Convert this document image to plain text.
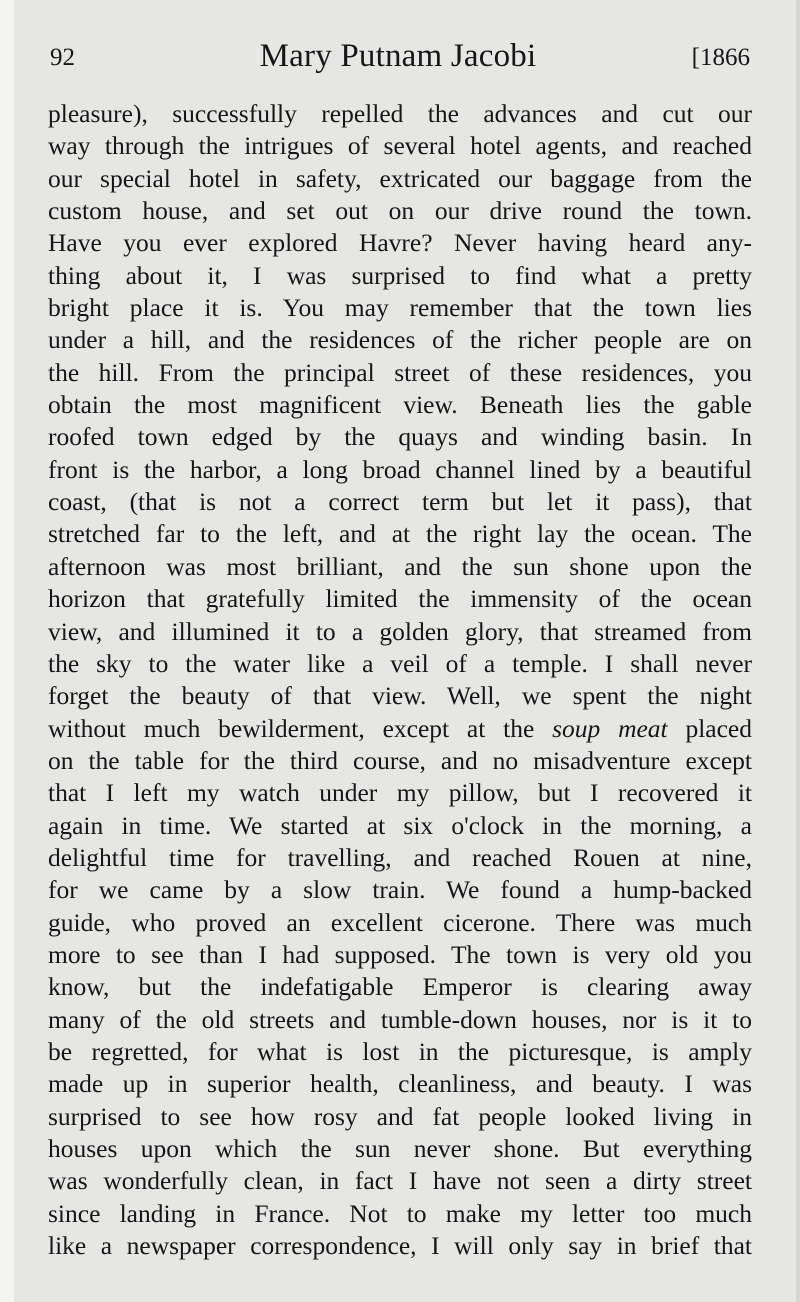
92	Mary Putnam Jacobi	[1866
pleasure), successfully repelled the advances and cut our
way through the intrigues of several hotel agents, and reached
our special hotel in safety, extricated our baggage from the
custom house, and set out on our drive round the town.
Have you ever explored Havre? Never having heard any-
thing about it, I was surprised to find what a pretty
bright place it is. You may remember that the town lies
under a hill, and the residences of the richer people are on
the hill. From the principal street of these residences, you
obtain the most magnificent view. Beneath lies the gable
roofed town edged by the quays and winding basin. In
front is the harbor, a long broad channel lined by a beautiful
coast, (that is not a correct term but let it pass), that
stretched far to the left, and at the right lay the ocean. The
afternoon was most brilliant, and the sun shone upon the
horizon that gratefully limited the immensity of the ocean
view, and illumined it to a golden glory, that streamed from
the sky to the water like a veil of a temple. I shall never
forget the beauty of that view. Well, we spent the night
without much bewilderment, except at the soup meat placed
on the table for the third course, and no misadventure except
that I left my watch under my pillow, but I recovered it
again in time. We started at six o'clock in the morning, a
delightful time for travelling, and reached Rouen at nine,
for we came by a slow train. We found a hump-backed
guide, who proved an excellent cicerone. There was much
more to see than I had supposed. The town is very old you
know, but the indefatigable Emperor is clearing away
many of the old streets and tumble-down houses, nor is it to
be regretted, for what is lost in the picturesque, is amply
made up in superior health, cleanliness, and beauty. I was
surprised to see how rosy and fat people looked living in
houses upon which the sun never shone. But everything
was wonderfully clean, in fact I have not seen a dirty street
since landing in France. Not to make my letter too much
like a newspaper correspondence, I will only say in brief that
